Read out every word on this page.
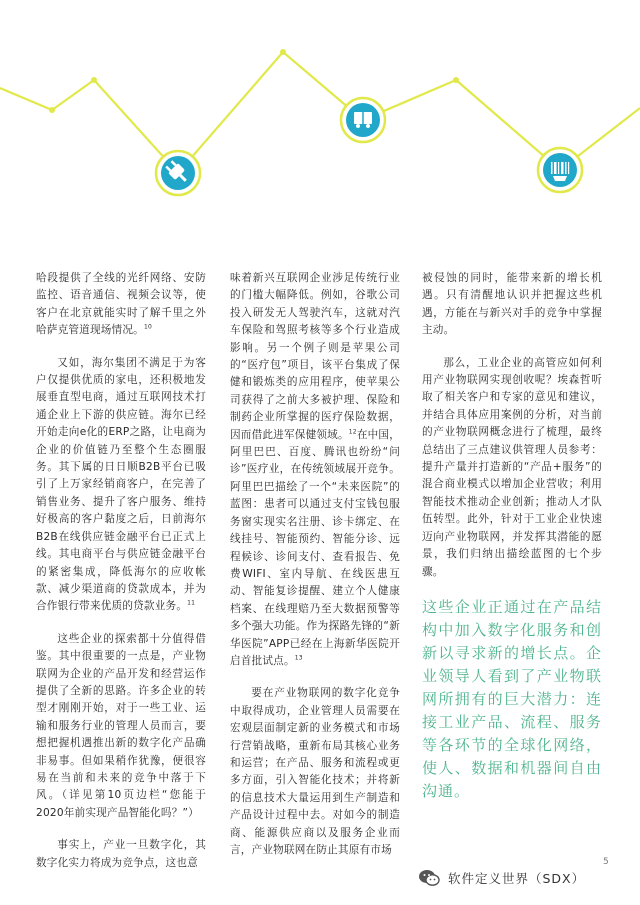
哈段提供了全线的光纤网络、安防监控、语音通信、视频会议等，使客户在北京就能实时了解千里之外哈萨克管道现场情况。$^{10}$

又如，海尔集团不满足于为客户仅提供优质的家电，还积极地发展垂直型电商，通过互联网技术打通企业上下游的供应链。海尔已经开始走向e化的ERP之路，让电商为企业的价值链乃至整个生态圈服务。其下属的日日顺B2B平台已吸引了上万家经销商客户，在完善了销售业务、提升了客户服务、维持好极高的客户黏度之后，日前海尔B2B在线供应链金融平台已正式上线。其电商平台与供应链金融平台的紧密集成，降低海尔的应收帐款、减少渠道商的贷款成本，并为合作银行带来优质的贷款业务。$^{11}$

这些企业的探索都十分值得借鉴。其中很重要的一点是，产业物联网为企业的产品开发和经营运作提供了全新的思路。许多企业的转型才刚刚开始，对于一些工业、运输和服务行业的管理人员而言，要想把握机遇推出新的数字化产品确非易事。但如果稍作犹豫，便很容易在当前和未来的竞争中落于下风。（详见第10页边栏“您能于2020年前实现产品智能化吗？”）

事实上，产业一旦数字化，其数字化实力将成为竞争点，这也意

味着新兴互联网企业涉足传统行业的门槛大幅降低。例如，谷歌公司投入研发无人驾驶汽车，这就对汽车保险和驾照考核等多个行业造成影响。另一个例子则是苹果公司的“医疗包”项目，该平台集成了保健和锻炼类的应用程序，使苹果公司获得了之前大多被护理、保险和制药企业所掌握的医疗保险数据，因而借此进军保健领域。$^{12}$在中国，阿里巴巴、百度、腾讯也纷纷“问诊”医疗业，在传统领域展开竞争。阿里巴巴描绘了一个“未来医院”的蓝图：患者可以通过支付宝钱包服务窗实现实名注册、诊卡绑定、在线挂号、智能预约、智能分诊、远程候诊、诊间支付、查看报告、免费WIFI、室内导航、在线医患互动、智能复诊提醒、建立个人健康档案、在线理赔乃至大数据预警等多个强大功能。作为探路先锋的“新华医院”APP已经在上海新华医院开启首批试点。$^{13}$

要在产业物联网的数字化竞争中取得成功，企业管理人员需要在宏观层面制定新的业务模式和市场行营销战略，重新布局其核心业务和运营；在产品、服务和流程或更多方面，引入智能化技术；并将新的信息技术大量运用到生产制造和产品设计过程中去。对如今的制造商、能源供应商以及服务企业而言，产业物联网在防止其原有市场

被侵蚀的同时，能带来新的增长机遇。只有清醒地认识并把握这些机遇，方能在与新兴对手的竞争中掌握主动。

那么，工业企业的高管应如何利用产业物联网实现创收呢？埃森哲听取了相关客户和专家的意见和建议，并结合具体应用案例的分析，对当前的产业物联网概念进行了梳理，最终总结出了三点建议供管理人员参考：提升产量并打造新的“产品+服务”的混合商业模式以增加企业营收；利用智能技术推动企业创新；推动人才队伍转型。此外，针对于工业企业快速迈向产业物联网，并发挥其潜能的愿景，我们归纳出描绘蓝图的七个步骤。

这些企业正通过在产品结构中加入数字化服务和创新以寻求新的增长点。企业领导人看到了产业物联网所拥有的巨大潜力：连接工业产品、流程、服务等各环节的全球化网络，使人、数据和机器间自由沟通。
5
软件定义世界（SDX）
